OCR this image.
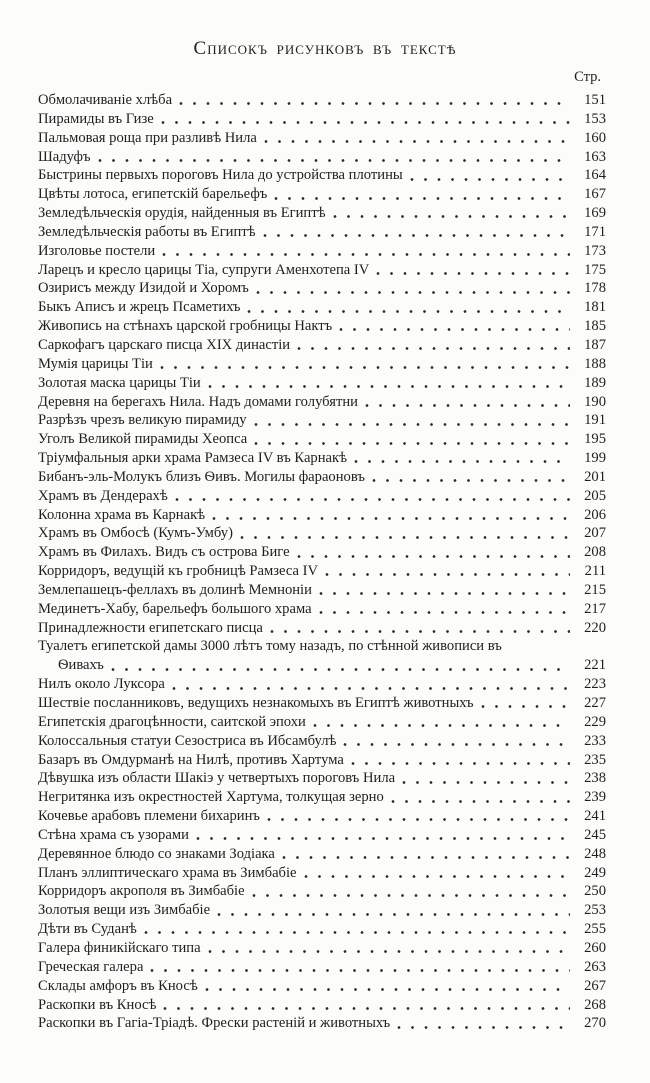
Списокъ рисунковъ въ текстѣ
Стр.
Обмолачиваніе хлѣба	151
Пирамиды въ Гизе	153
Пальмовая роща при разливѣ Нила	160
Шадуфъ	163
Быстрины первыхъ пороговъ Нила до устройства плотины	164
Цвѣты лотоса, египетскій барельефъ	167
Земледѣльческія орудія, найденныя въ Египтѣ	169
Земледѣльческія работы въ Египтѣ	171
Изголовье постели	173
Ларецъ и кресло царицы Тіа, супруги Аменхотепа IV	175
Озирисъ между Изидой и Хоромъ	178
Быкъ Аписъ и жрецъ Псаметихъ	181
Живопись на стѣнахъ царской гробницы Нактъ	185
Саркофагъ царскаго писца XIX династіи	187
Мумія царицы Тіи	188
Золотая маска царицы Тіи	189
Деревня на берегахъ Нила. Надъ домами голубятни	190
Разрѣзъ чрезъ великую пирамиду	191
Уголъ Великой пирамиды Хеопса	195
Тріумфальныя арки храма Рамзеса IV въ Карнакѣ	199
Бибанъ-эль-Молукъ близъ Ѳивъ. Могилы фараоновъ	201
Храмъ въ Дендерахѣ	205
Колонна храма въ Карнакѣ	206
Храмъ въ Омбосѣ (Кумъ-Умбу)	207
Храмъ въ Филахъ. Видъ съ острова Биге	208
Корридоръ, ведущій къ гробницѣ Рамзеса IV	211
Землепашецъ-феллахъ въ долинѣ Мемноніи	215
Мединетъ-Хабу, барельефъ большого храма	217
Принадлежности египетскаго писца	220
Туалетъ египетской дамы 3000 лѣтъ тому назадъ, по стѣнной живописи въ
Ѳивахъ	221
Нилъ около Луксора	223
Шествіе посланниковъ, ведущихъ незнакомыхъ въ Египтѣ животныхъ	227
Египетскія драгоцѣнности, саитской эпохи	229
Колоссальныя статуи Сезостриса въ Ибсамбулѣ	233
Базаръ въ Омдурманѣ на Нилѣ, противъ Хартума	235
Дѣвушка изъ области Шакіэ у четвертыхъ пороговъ Нила	238
Негритянка изъ окрестностей Хартума, толкущая зерно	239
Кочевье арабовъ племени бихаринъ	241
Стѣна храма съ узорами	245
Деревянное блюдо со знаками Зодіака	248
Планъ эллиптическаго храма въ Зимбабіе	249
Корридоръ акрополя въ Зимбабіе	250
Золотыя вещи изъ Зимбабіе	253
Дѣти въ Суданѣ	255
Галера финикійскаго типа	260
Греческая галера	263
Склады амфоръ въ Кносѣ	267
Раскопки въ Кносѣ	268
Раскопки въ Гагіа-Тріадѣ. Фрески растеній и животныхъ	270
